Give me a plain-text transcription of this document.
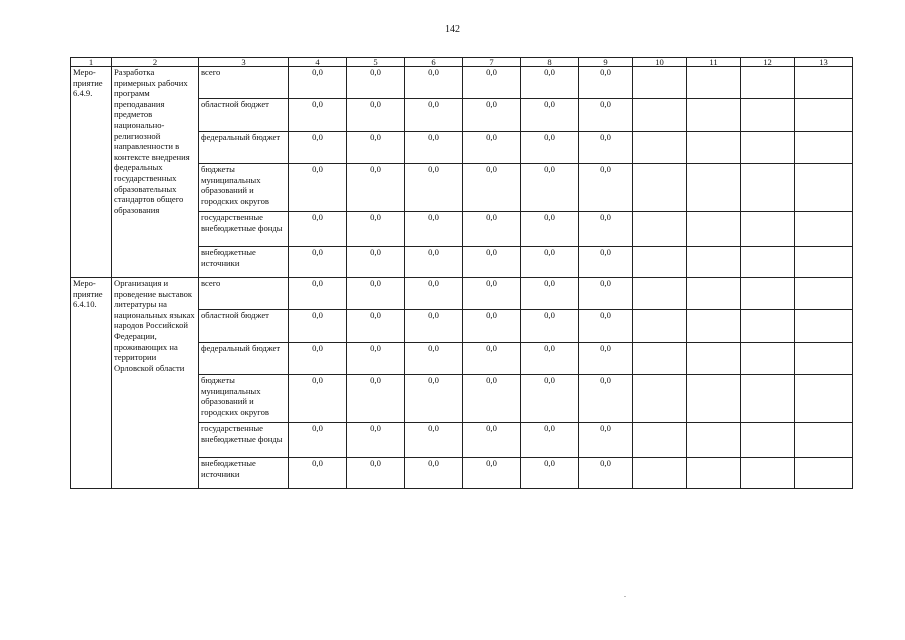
142
1	2	3	4	5	6	7	8	9	10	11	12	13
Меро-
приятие
6.4.9.	Разработка примерных рабочих программ преподавания предметов национально-религиозной направленности в контексте внедрения федеральных государственных образовательных стандартов общего образования	всего	0,0	0,0	0,0	0,0	0,0	0,0				
		областной бюджет	0,0	0,0	0,0	0,0	0,0	0,0				
		федеральный бюджет	0,0	0,0	0,0	0,0	0,0	0,0				
		бюджеты муниципальных образований и городских округов	0,0	0,0	0,0	0,0	0,0	0,0				
		государственные внебюджетные фонды	0,0	0,0	0,0	0,0	0,0	0,0				
		внебюджетные источники	0,0	0,0	0,0	0,0	0,0	0,0				
Меро-
приятие
6.4.10.	Организация и проведение выставок литературы на национальных языках народов Российской Федерации, проживающих на территории Орловской области	всего	0,0	0,0	0,0	0,0	0,0	0,0				
		областной бюджет	0,0	0,0	0,0	0,0	0,0	0,0				
		федеральный бюджет	0,0	0,0	0,0	0,0	0,0	0,0				
		бюджеты муниципальных образований и городских округов	0,0	0,0	0,0	0,0	0,0	0,0				
		государственные внебюджетные фонды	0,0	0,0	0,0	0,0	0,0	0,0				
		внебюджетные источники	0,0	0,0	0,0	0,0	0,0	0,0				
